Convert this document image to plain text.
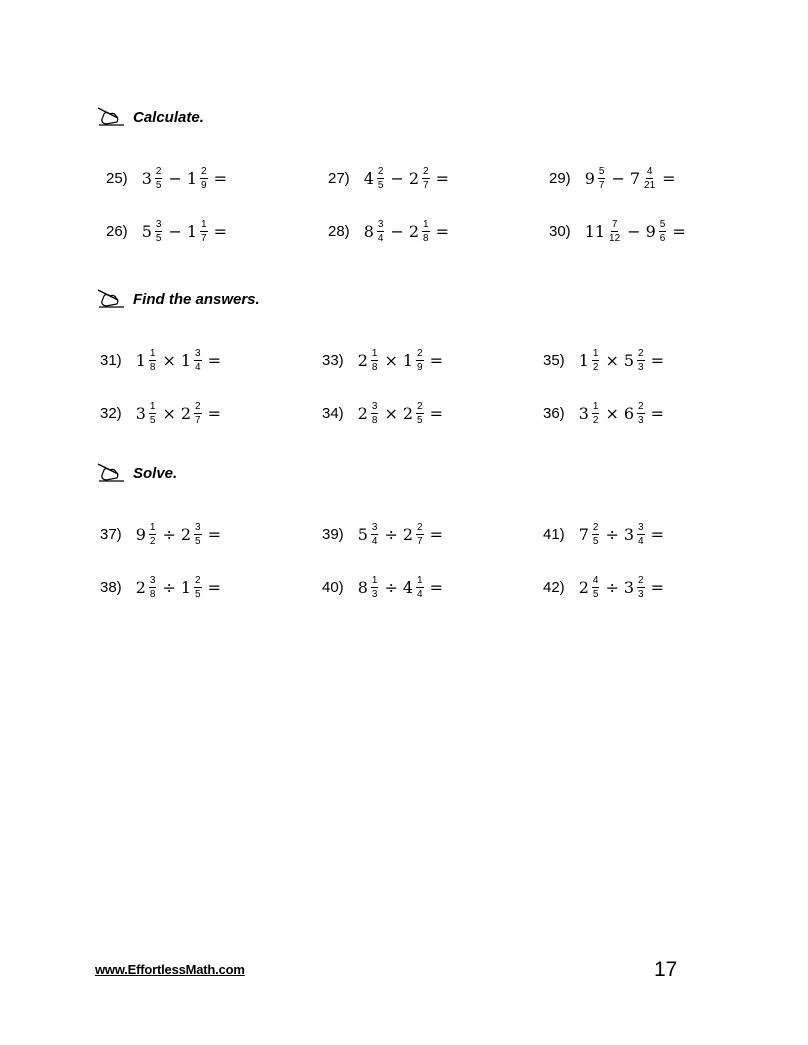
Calculate.
Find the answers.
Solve.
25) $3 \frac{2}{5} - 1 \frac{2}{9}$ =	27) $4 \frac{2}{5} - 2 \frac{2}{7}$ =	29) $9 \frac{5}{7} - 7 \frac{4}{21}$ =
26) $5 \frac{3}{5} - 1 \frac{1}{7}$ =	28) $8 \frac{3}{4} - 2 \frac{1}{8}$ =	30) $11 \frac{7}{12} - 9 \frac{5}{6}$ =
31) $1 \frac{1}{8} \times 1 \frac{3}{4}$ =	33) $2 \frac{1}{8} \times 1 \frac{2}{9}$ =	35) $1 \frac{1}{2} \times 5 \frac{2}{3}$ =
32) $3 \frac{1}{5} \times 2 \frac{2}{7}$ =	34) $2 \frac{3}{8} \times 2 \frac{2}{5}$ =	36) $3 \frac{1}{2} \times 6 \frac{2}{3}$ =
37) $9 \frac{1}{2} \div 2 \frac{3}{5}$ =	39) $5 \frac{3}{4} \div 2 \frac{2}{7}$ =	41) $7 \frac{2}{5} \div 3 \frac{3}{4}$ =
38) $2 \frac{3}{8} \div 1 \frac{2}{5}$ =	40) $8 \frac{1}{3} \div 4 \frac{1}{4}$ =	42) $2 \frac{4}{5} \div 3 \frac{2}{3}$ =
www.EffortlessMath.com	17
